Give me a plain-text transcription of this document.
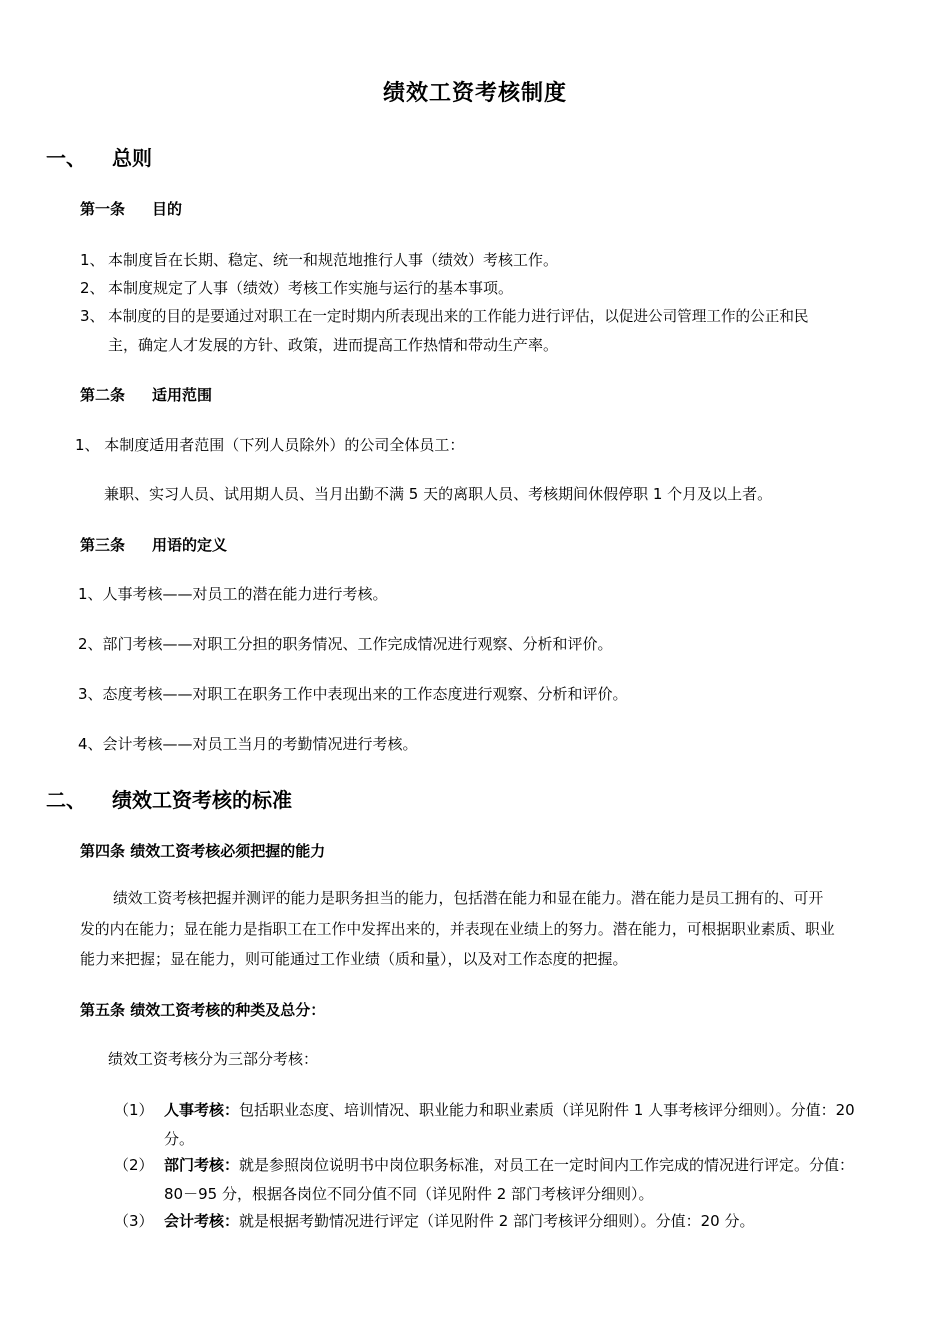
绩效工资考核制度
一、 总则
第一条 目的
1、 本制度旨在长期、稳定、统一和规范地推行人事（绩效）考核工作。
2、 本制度规定了人事（绩效）考核工作实施与运行的基本事项。
3、 本制度的目的是要通过对职工在一定时期内所表现出来的工作能力进行评估，以促进公司管理工作的公正和民
主，确定人才发展的方针、政策，进而提高工作热情和带动生产率。
第二条 适用范围
1、 本制度适用者范围（下列人员除外）的公司全体员工：
兼职、实习人员、试用期人员、当月出勤不满 5 天的离职人员、考核期间休假停职 1 个月及以上者。
第三条 用语的定义
1、人事考核——对员工的潜在能力进行考核。
2、部门考核——对职工分担的职务情况、工作完成情况进行观察、分析和评价。
3、态度考核——对职工在职务工作中表现出来的工作态度进行观察、分析和评价。
4、会计考核——对员工当月的考勤情况进行考核。
二、 绩效工资考核的标准
第四条 绩效工资考核必须把握的能力
绩效工资考核把握并测评的能力是职务担当的能力，包括潜在能力和显在能力。潜在能力是员工拥有的、可开
发的内在能力；显在能力是指职工在工作中发挥出来的，并表现在业绩上的努力。潜在能力，可根据职业素质、职业
能力来把握；显在能力，则可能通过工作业绩（质和量），以及对工作态度的把握。
第五条 绩效工资考核的种类及总分：
绩效工资考核分为三部分考核：
（1） 人事考核：包括职业态度、培训情况、职业能力和职业素质（详见附件 1 人事考核评分细则）。分值：20
分。
（2） 部门考核：就是参照岗位说明书中岗位职务标准，对员工在一定时间内工作完成的情况进行评定。分值：
80－95 分，根据各岗位不同分值不同（详见附件 2 部门考核评分细则）。
（3） 会计考核：就是根据考勤情况进行评定（详见附件 2 部门考核评分细则）。分值：20 分。
